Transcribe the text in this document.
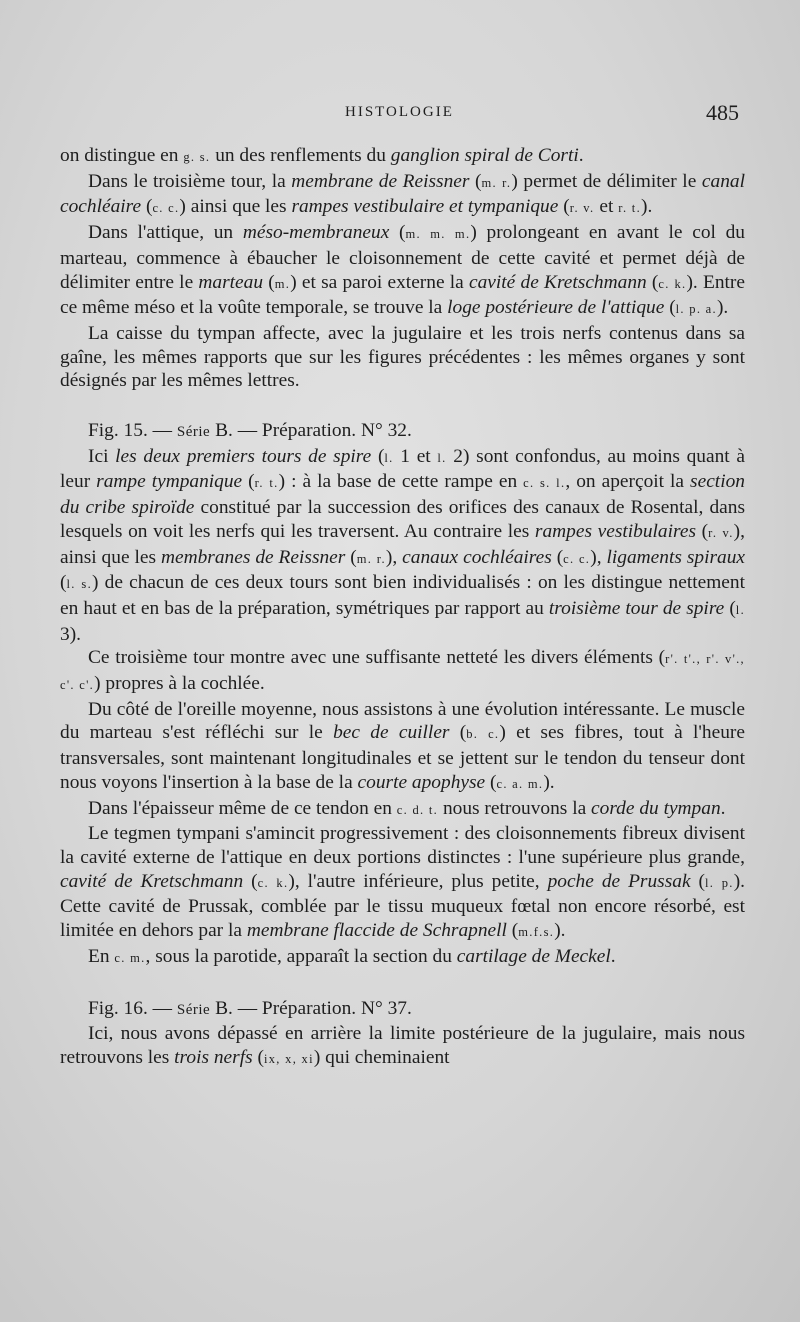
HISTOLOGIE	485

on distingue en g. s. un des renflements du ganglion spiral de Corti.

Dans le troisième tour, la membrane de Reissner (m. r.) permet de délimiter le canal cochléaire (c. c.) ainsi que les rampes vestibulaire et tympanique (r. v. et r. t.).

Dans l'attique, un méso-membraneux (m. m. m.) prolongeant en avant le col du marteau, commence à ébaucher le cloisonnement de cette cavité et permet déjà de délimiter entre le marteau (m.) et sa paroi externe la cavité de Kretschmann (c. k.). Entre ce même méso et la voûte temporale, se trouve la loge postérieure de l'attique (l. p. a.).

La caisse du tympan affecte, avec la jugulaire et les trois nerfs contenus dans sa gaîne, les mêmes rapports que sur les figures précédentes : les mêmes organes y sont désignés par les mêmes lettres.

Fig. 15. — Série B. — Préparation. N° 32.

Ici les deux premiers tours de spire (l. 1 et l. 2) sont confondus, au moins quant à leur rampe tympanique (r. t.) : à la base de cette rampe en c. s. l., on aperçoit la section du cribe spiroïde constitué par la succession des orifices des canaux de Rosental, dans lesquels on voit les nerfs qui les traversent. Au contraire les rampes vestibulaires (r. v.), ainsi que les membranes de Reissner (m. r.), canaux cochléaires (c. c.), ligaments spiraux (l. s.) de chacun de ces deux tours sont bien individualisés : on les distingue nettement en haut et en bas de la préparation, symétriques par rapport au troisième tour de spire (l. 3).

Ce troisième tour montre avec une suffisante netteté les divers éléments (r'. t'., r'. v'., c'. c'.) propres à la cochlée.

Du côté de l'oreille moyenne, nous assistons à une évolution intéressante. Le muscle du marteau s'est réfléchi sur le bec de cuiller (b. c.) et ses fibres, tout à l'heure transversales, sont maintenant longitudinales et se jettent sur le tendon du tenseur dont nous voyons l'insertion à la base de la courte apophyse (c. a. m.).

Dans l'épaisseur même de ce tendon en c. d. t. nous retrouvons la corde du tympan.

Le tegmen tympani s'amincit progressivement : des cloisonnements fibreux divisent la cavité externe de l'attique en deux portions distinctes : l'une supérieure plus grande, cavité de Kretschmann (c. k.), l'autre inférieure, plus petite, poche de Prussak (l. p.). Cette cavité de Prussak, comblée par le tissu muqueux fœtal non encore résorbé, est limitée en dehors par la membrane flaccide de Schrapnell (m.f.s.).

En c. m., sous la parotide, apparaît la section du cartilage de Meckel.

Fig. 16. — Série B. — Préparation. N° 37.

Ici, nous avons dépassé en arrière la limite postérieure de la jugulaire, mais nous retrouvons les trois nerfs (ix, x, xi) qui cheminaient
